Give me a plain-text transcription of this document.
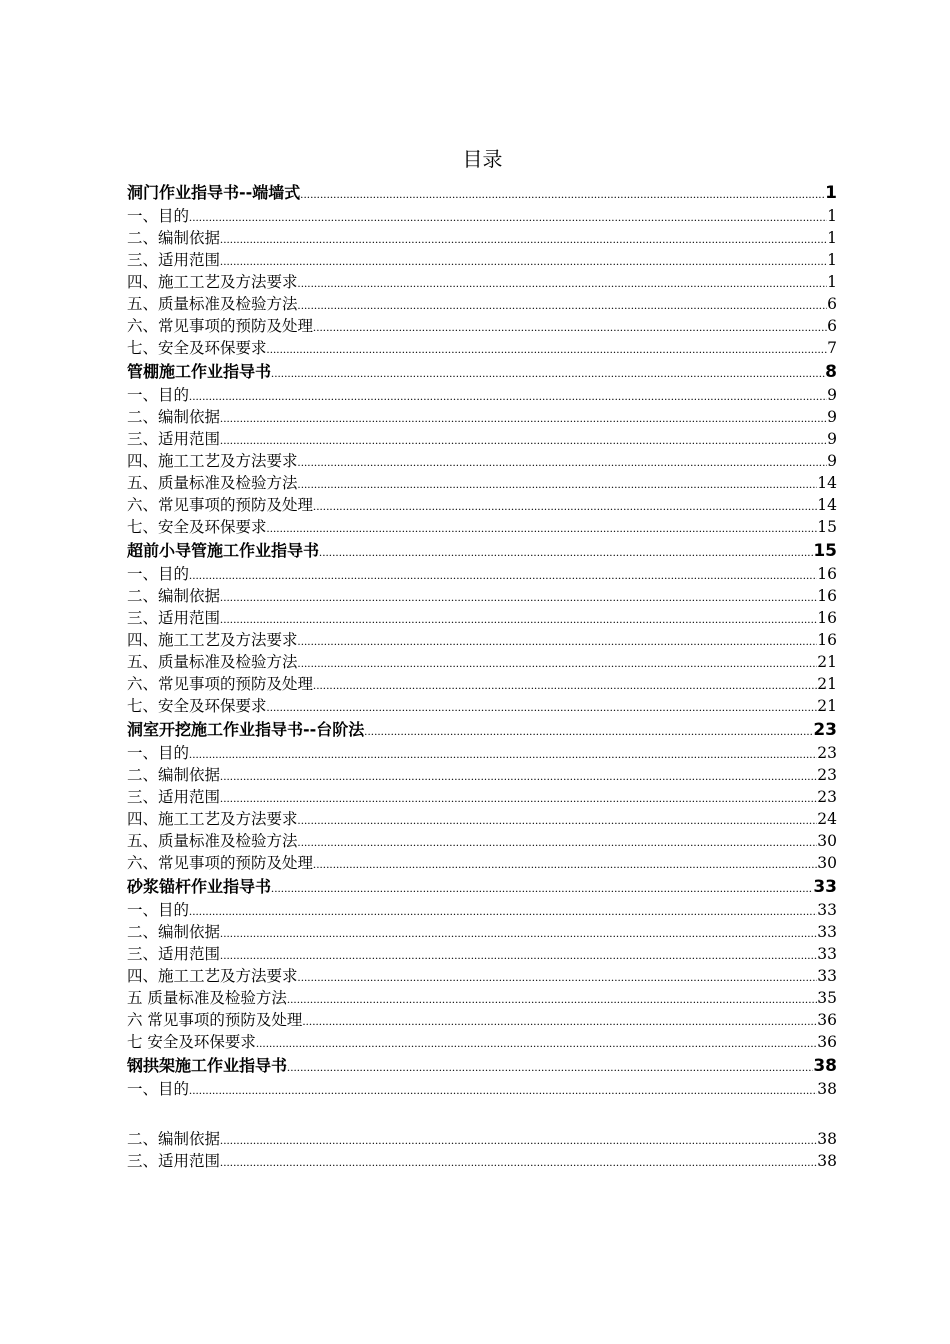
目录
洞门作业指导书--端墙式 .....	1
一、目的 .....	1
二、编制依据 .....	1
三、适用范围 .....	1
四、施工工艺及方法要求 .....	1
五、质量标准及检验方法 .....	6
六、常见事项的预防及处理 .....	6
七、安全及环保要求 .....	7
管棚施工作业指导书 .....	8
一、目的 .....	9
二、编制依据 .....	9
三、适用范围 .....	9
四、施工工艺及方法要求 .....	9
五、质量标准及检验方法 .....	14
六、常见事项的预防及处理 .....	14
七、安全及环保要求 .....	15
超前小导管施工作业指导书 .....	15
一、目的 .....	16
二、编制依据 .....	16
三、适用范围 .....	16
四、施工工艺及方法要求 .....	16
五、质量标准及检验方法 .....	21
六、常见事项的预防及处理 .....	21
七、安全及环保要求 .....	21
洞室开挖施工作业指导书--台阶法 .....	23
一、目的 .....	23
二、编制依据 .....	23
三、适用范围 .....	23
四、施工工艺及方法要求 .....	24
五、质量标准及检验方法 .....	30
六、常见事项的预防及处理 .....	30
砂浆锚杆作业指导书 .....	33
一、目的 .....	33
二、编制依据 .....	33
三、适用范围 .....	33
四、施工工艺及方法要求 .....	33
五 质量标准及检验方法 .....	35
六 常见事项的预防及处理 .....	36
七 安全及环保要求 .....	36
钢拱架施工作业指导书 .....	38
一、目的 .....	38
二、编制依据 .....	38
三、适用范围 .....	38
